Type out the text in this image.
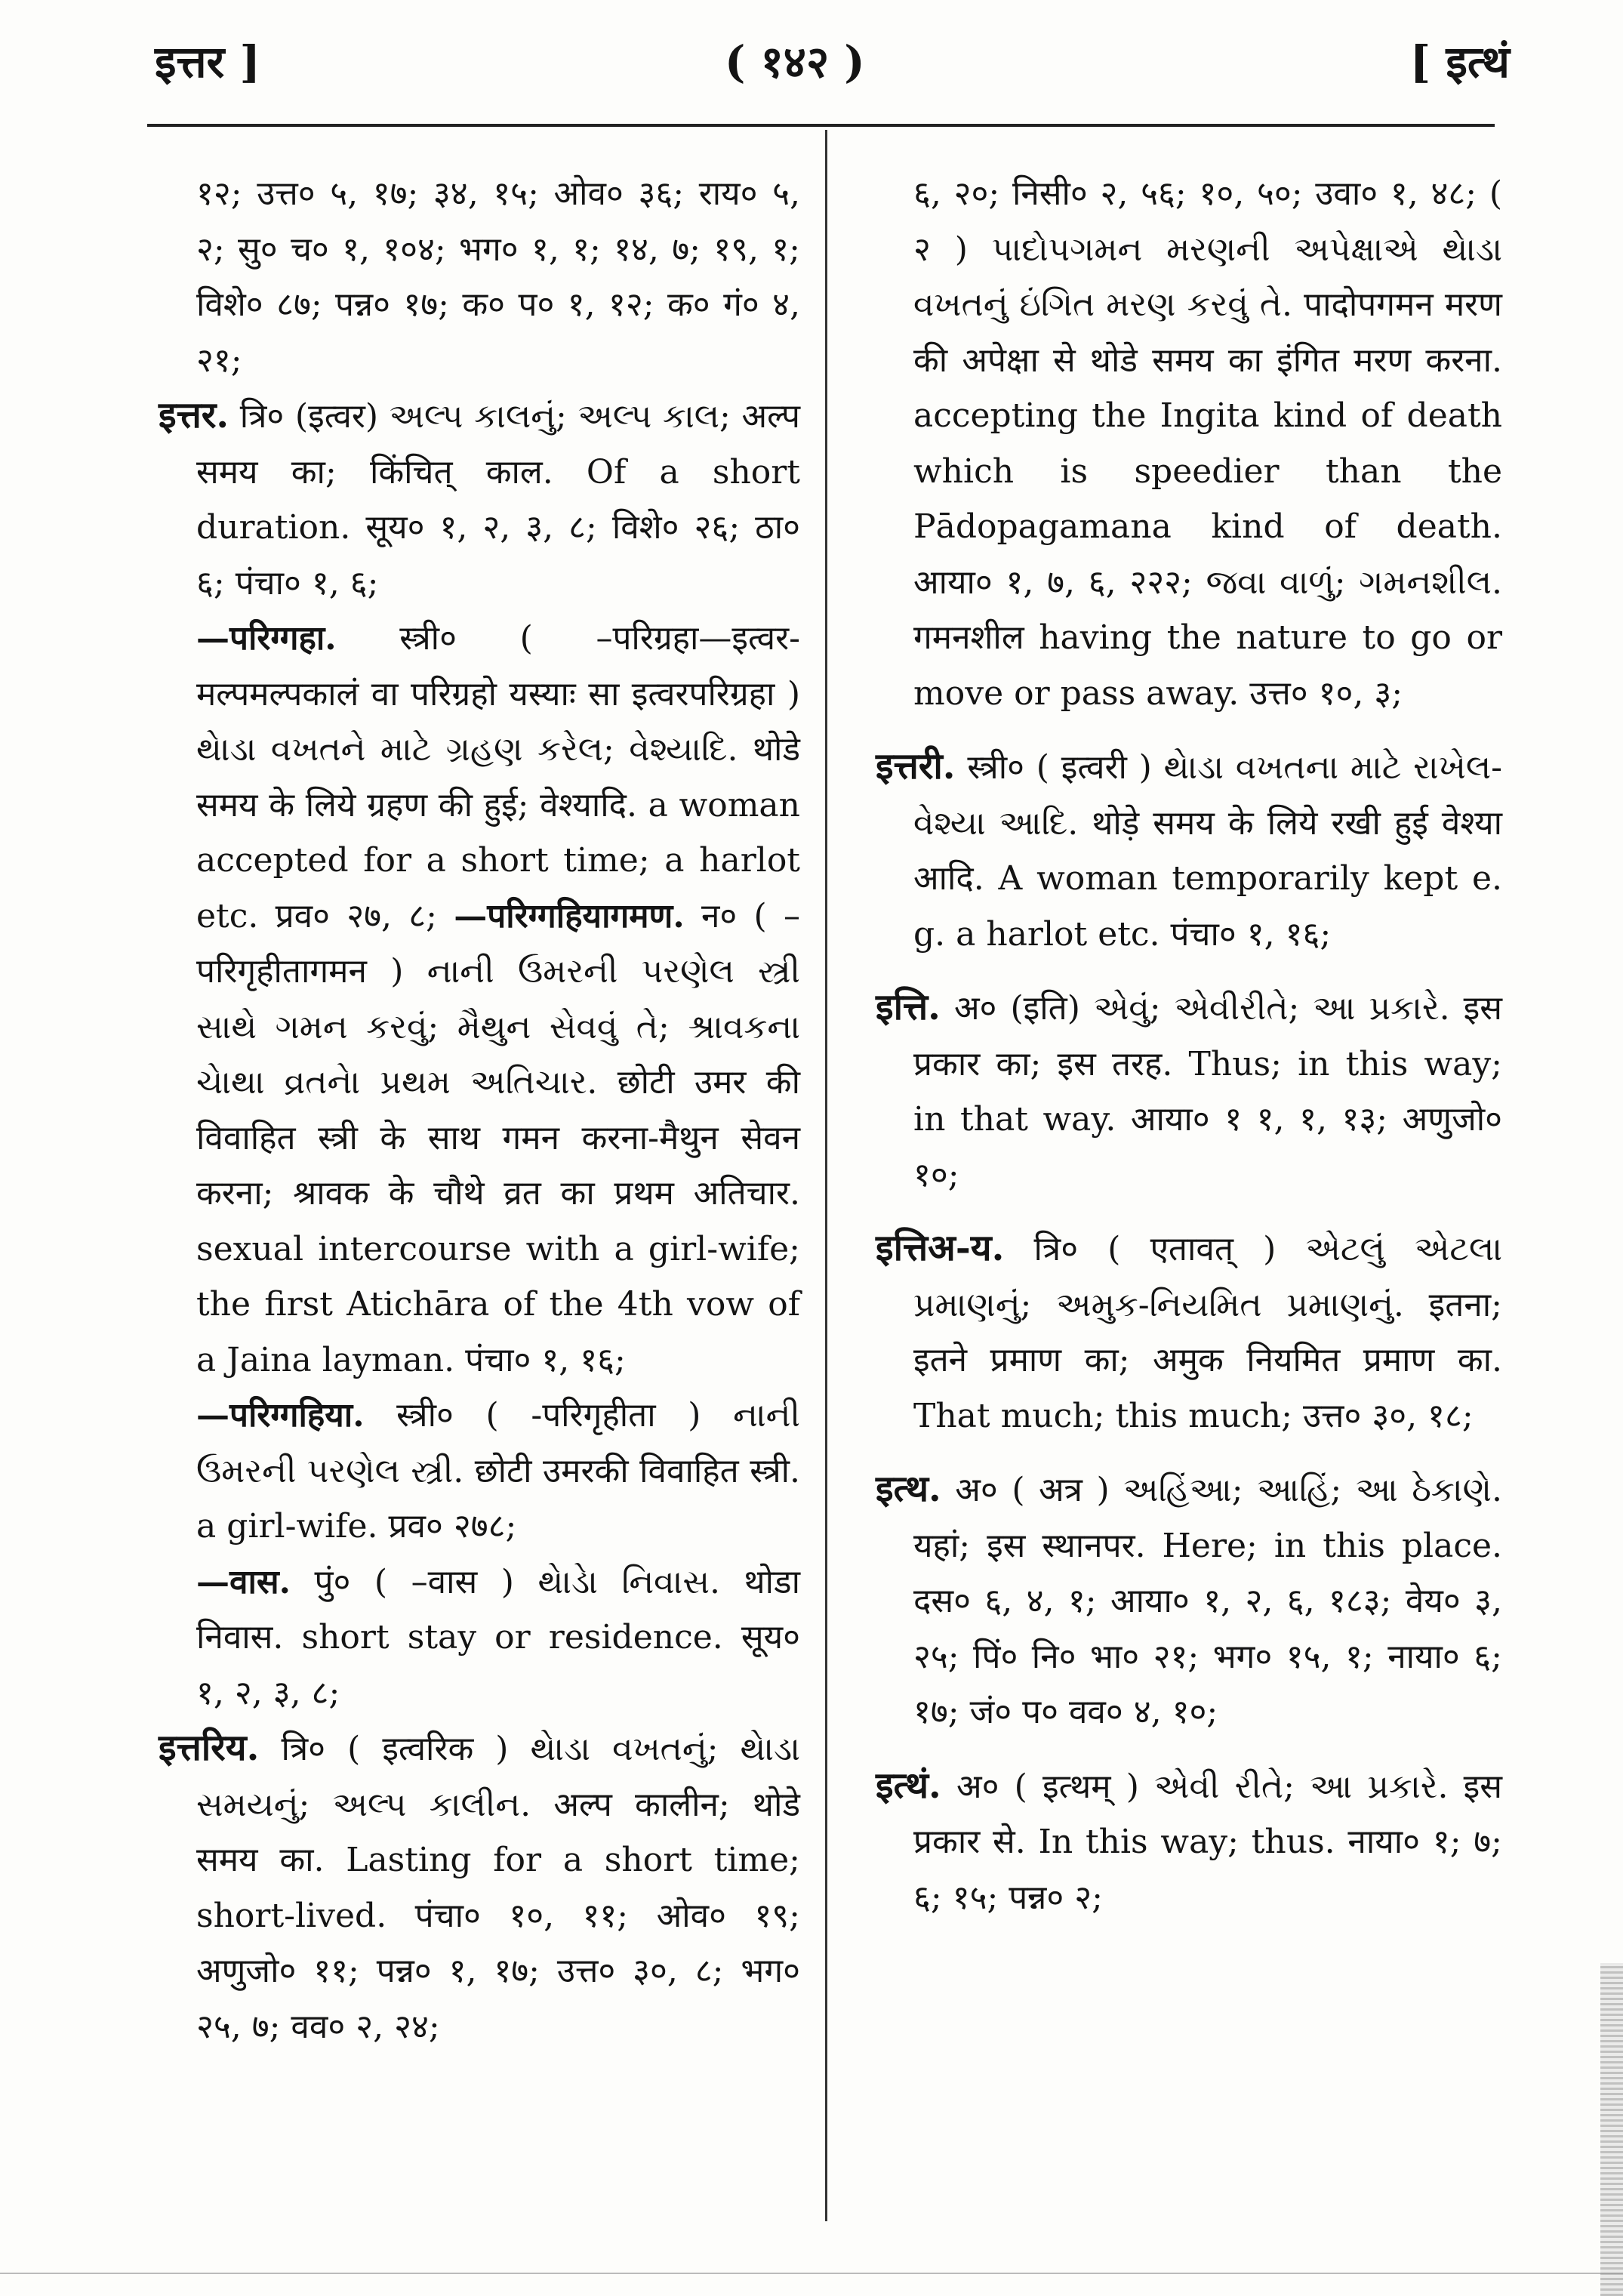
इत्तर ]	( १४२ )	[ इत्थं

१२; उत्त० ५, १७; ३४, १५; ओव० ३६; राय० ५, २; सु० च० १, १०४; भग० १, १; १४, ७; १९, १; विशे० ८७; पन्न० १७; क० प० १, १२; क० गं० ४, २१;

इत्तर. त्रि० (इत्वर) અલ્પ કાલનું; અલ્પ કાલ; अल्प समय का; किंचित् काल. Of a short duration. सूय० १, २, ३, ८; विशे० २६; ठा० ६; पंचा० १, ६;

—परिग्गहा. स्त्री० ( –परिग्रहा—इत्वर-मल्पमल्पकालं वा परिग्रहो यस्याः सा इत्वरपरिग्रहा ) થેાડા વખતને માટે ગ્રહણ કરેલ; વેશ્યાદિ. थोडे समय के लिये ग्रहण की हुई; वेश्यादि. a woman accepted for a short time; a harlot etc. प्रव० २७, ८; —परिग्गहियागमण. न० ( –परिगृहीतागमन ) નાની ઉમરની પરણેલ સ્ત્રી સાથે ગમન કરવું; મૈથુન સેવવું તે; શ્રાવકના ચેાથા વ્રતનેા પ્રથમ અતિચાર. छोटी उमर की विवाहित स्त्री के साथ गमन करना-मैथुन सेवन करना; श्रावक के चौथे व्रत का प्रथम अतिचार. sexual intercourse with a girl-wife; the first Atichāra of the 4th vow of a Jaina layman. पंचा० १, १६;

—परिग्गहिया. स्त्री० ( -परिगृहीता ) નાની ઉમરની પરણેલ સ્ત્રી. छोटी उमरकी विवाहित स्त्री. a girl-wife. प्रव० २७८;

—वास. पुं० ( –वास ) થેાડેા નિવાસ. थोडा निवास. short stay or residence. सूय० १, २, ३, ८;

इत्तरिय. त्रि० ( इत्वरिक ) થેાડા વખતનું; થેાડા સમયનું; અલ્પ કાલીન. अल्प कालीन; थोडे समय का. Lasting for a short time; short-lived. पंचा० १०, ११; ओव० १९; अणुजो० ११; पन्न० १, १७; उत्त० ३०, ८; भग० २५, ७; वव० २, २४;

६, २०; निसी० २, ५६; १०, ५०; उवा० १, ४८; ( २ ) પાદોપગમન મરણની અપેક્ષાએ થેાડા વખતનું ઇંગિત મરણ કરવું તે. पादोपगमन मरण की अपेक्षा से थोडे समय का इंगित मरण करना. accepting the Ingita kind of death which is speedier than the Pādopagamana kind of death. आया० १, ७, ६, २२२; જવા વાળું; ગમનશીલ. गमनशील having the nature to go or move or pass away. उत्त० १०, ३;

इत्तरी. स्त्री० ( इत्वरी ) થેાડા વખતના માટે રાખેલ-વેશ્યા આદિ. थोड़े समय के लिये रखी हुई वेश्या आदि. A woman temporarily kept e. g. a harlot etc. पंचा० १, १६;

इत्ति. अ० (इति) એવું; એવીરીતે; આ પ્રકારે. इस प्रकार का; इस तरह. Thus; in this way; in that way. आया० १ १, १, १३; अणुजो० १०;

इत्तिअ-य. त्रि० ( एतावत् ) એટલું એટલા પ્રમાણનું; અમુક-નિયમિત પ્રમાણનું. इतना; इतने प्रमाण का; अमुक नियमित प्रमाण का. That much; this much; उत्त० ३०, १८;

इत्थ. अ० ( अत्र ) અહિંઆ; આહિં; આ ઠેકાણે. यहां; इस स्थानपर. Here; in this place. दस० ६, ४, १; आया० १, २, ६, १८३; वेय० ३, २५; पिं० नि० भा० २१; भग० १५, १; नाया० ६; १७; जं० प० वव० ४, १०;

इत्थं. अ० ( इत्थम् ) એવી રીતે; આ પ્રકારે. इस प्रकार से. In this way; thus. नाया० १; ७; ६; १५; पन्न० २;
